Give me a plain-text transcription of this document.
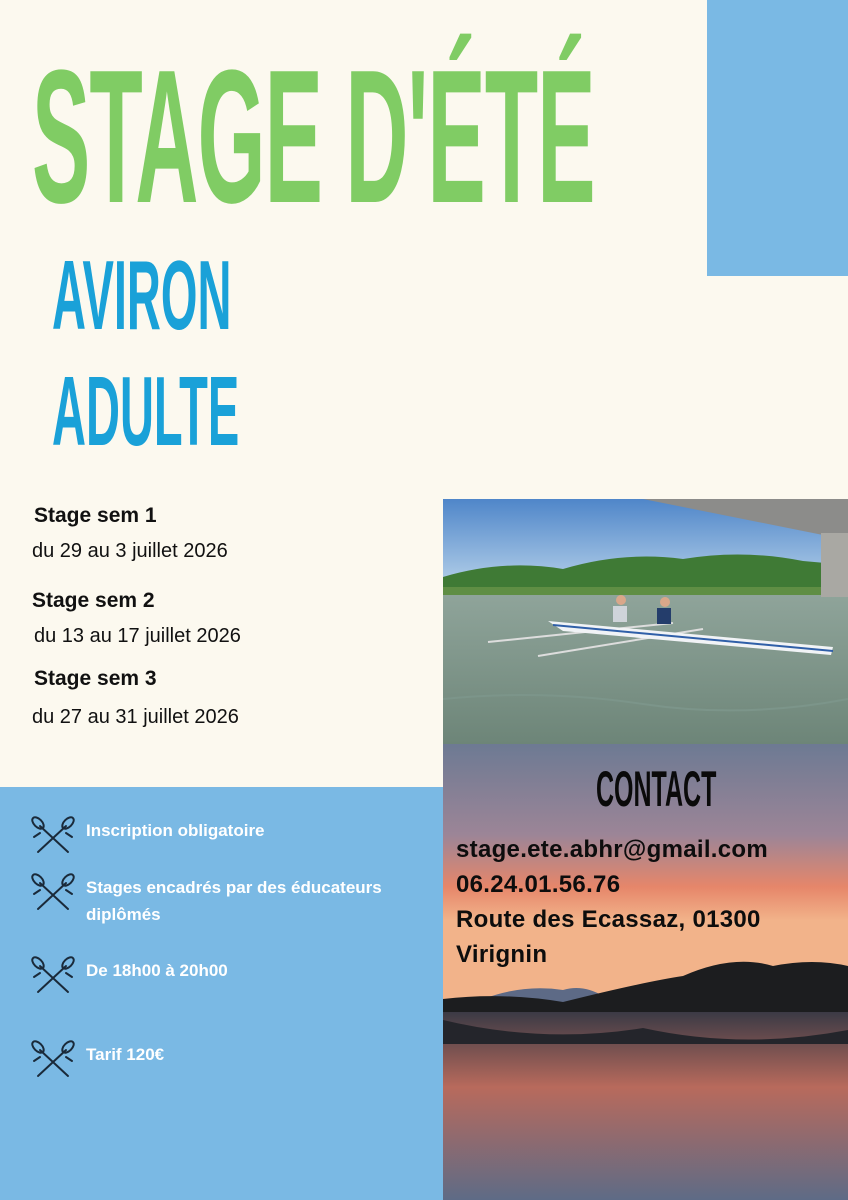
STAGE D'ÉTÉ
AVIRON
ADULTE
Stage sem 1
du 29 au 3 juillet 2026
Stage sem 2
du 13 au 17 juillet 2026
Stage sem 3
du 27 au 31 juillet 2026
Inscription obligatoire
Stages encadrés par des éducateurs diplômés
De 18h00 à 20h00
Tarif 120€
CONTACT
stage.ete.abhr@gmail.com
06.24.01.56.76
Route des Ecassaz, 01300
Virignin
